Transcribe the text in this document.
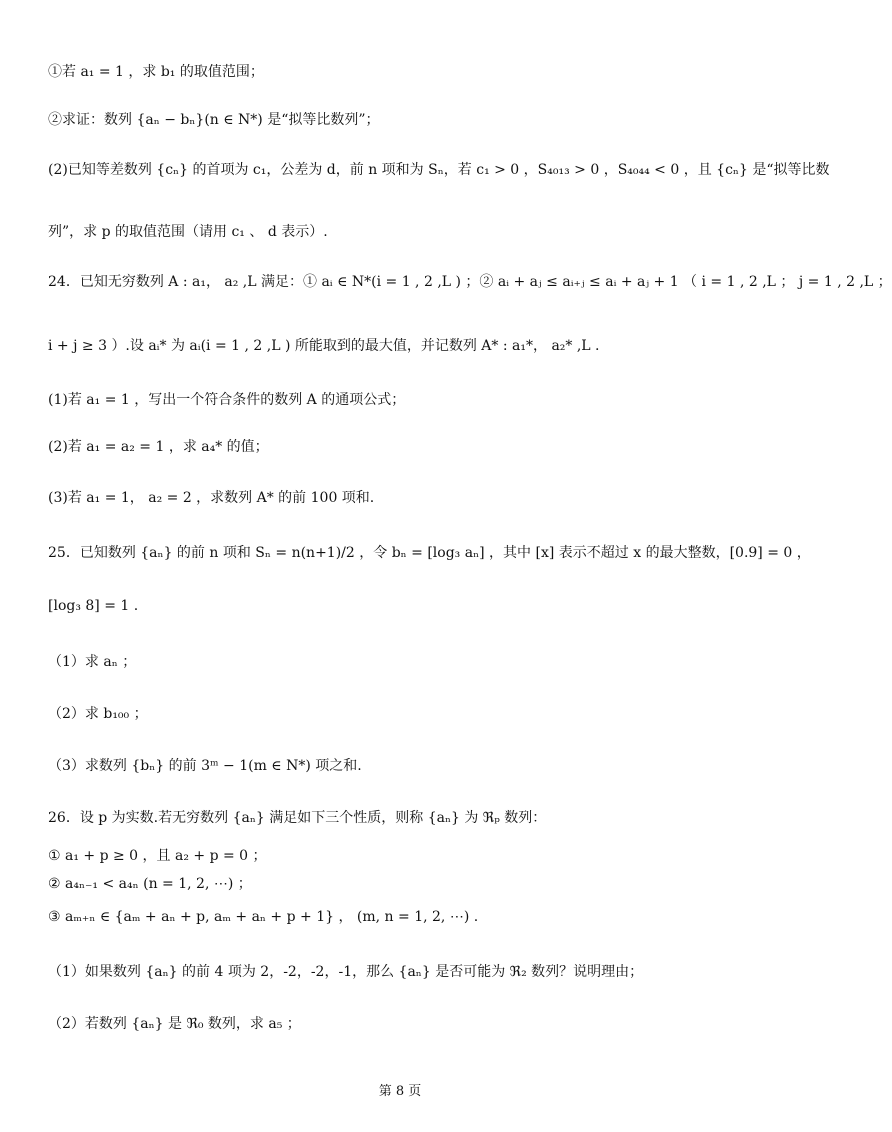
①若 a₁ = 1 ，求 b₁ 的取值范围；
②求证：数列 {aₙ − bₙ}(n ∈ N*) 是“拟等比数列”；
(2)已知等差数列 {cₙ} 的首项为 c₁，公差为 d，前 n 项和为 Sₙ，若 c₁ > 0 ，S₄₀₁₃ > 0 ，S₄₀₄₄ < 0 ，且 {cₙ} 是“拟等比数
列”，求 p 的取值范围（请用 c₁ 、 d 表示）.
24．已知无穷数列 A : a₁， a₂ ,L 满足：① aᵢ ∈ N*(i = 1 , 2 ,L ) ；② aᵢ + aⱼ ≤ aᵢ₊ⱼ ≤ aᵢ + aⱼ + 1 （ i = 1 , 2 ,L ； j = 1 , 2 ,L ；
i + j ≥ 3 ）.设 aᵢ* 为 aᵢ(i = 1 , 2 ,L ) 所能取到的最大值，并记数列 A* : a₁*， a₂* ,L .
(1)若 a₁ = 1 ，写出一个符合条件的数列 A 的通项公式；
(2)若 a₁ = a₂ = 1 ，求 a₄* 的值；
(3)若 a₁ = 1， a₂ = 2 ，求数列 A* 的前 100 项和.
25．已知数列 {aₙ} 的前 n 项和 Sₙ = n(n+1)/2 ，令 bₙ = [log₃ aₙ] ，其中 [x] 表示不超过 x 的最大整数，[0.9] = 0 ，
[log₃ 8] = 1 .
（1）求 aₙ ；
（2）求 b₁₀₀ ；
（3）求数列 {bₙ} 的前 3ᵐ − 1(m ∈ N*) 项之和.
26．设 p 为实数.若无穷数列 {aₙ} 满足如下三个性质，则称 {aₙ} 为 ℜₚ 数列：
① a₁ + p ≥ 0 ，且 a₂ + p = 0 ；
② a₄ₙ₋₁ < a₄ₙ (n = 1, 2, ⋯) ；
③ aₘ₊ₙ ∈ {aₘ + aₙ + p, aₘ + aₙ + p + 1} ， (m, n = 1, 2, ⋯) .
（1）如果数列 {aₙ} 的前 4 项为 2，-2，-2，-1，那么 {aₙ} 是否可能为 ℜ₂ 数列？说明理由；
（2）若数列 {aₙ} 是 ℜ₀ 数列，求 a₅ ；
第 8 页
